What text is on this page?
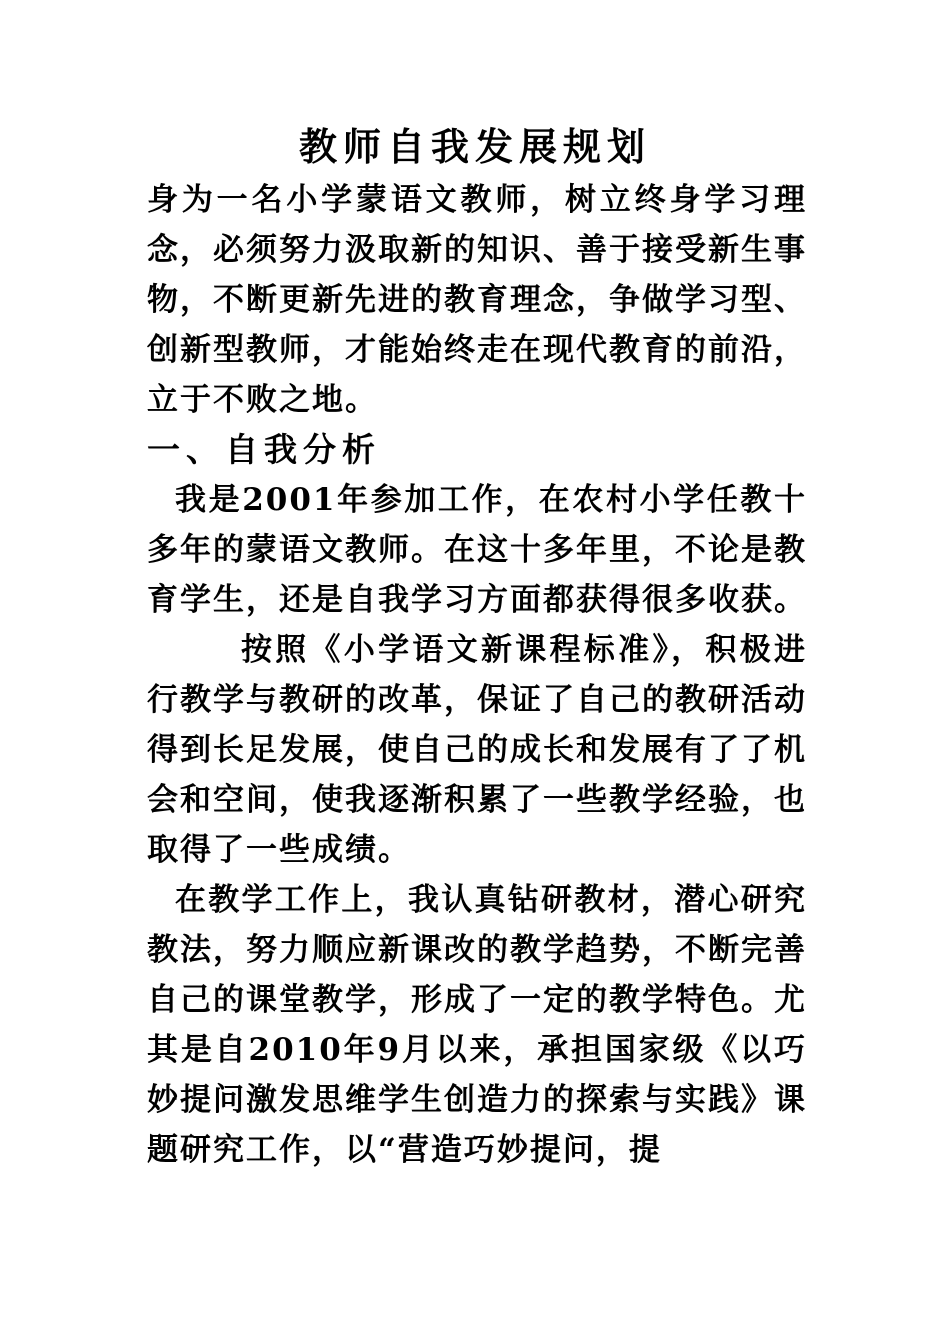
教师自我发展规划

身为一名小学蒙语文教师，树立终身学习理念，必须努力汲取新的知识、善于接受新生事物，不断更新先进的教育理念，争做学习型、创新型教师，才能始终走在现代教育的前沿，立于不败之地。

一、自我分析

我是2001年参加工作，在农村小学任教十多年的蒙语文教师。在这十多年里，不论是教育学生，还是自我学习方面都获得很多收获。

按照《小学语文新课程标准》，积极进行教学与教研的改革，保证了自己的教研活动得到长足发展，使自己的成长和发展有了了机会和空间，使我逐渐积累了一些教学经验，也取得了一些成绩。

在教学工作上，我认真钻研教材，潜心研究教法，努力顺应新课改的教学趋势，不断完善自己的课堂教学，形成了一定的教学特色。尤其是自2010年9月以来，承担国家级《以巧妙提问激发思维学生创造力的探索与实践》课题研究工作，以“营造巧妙提问，提
